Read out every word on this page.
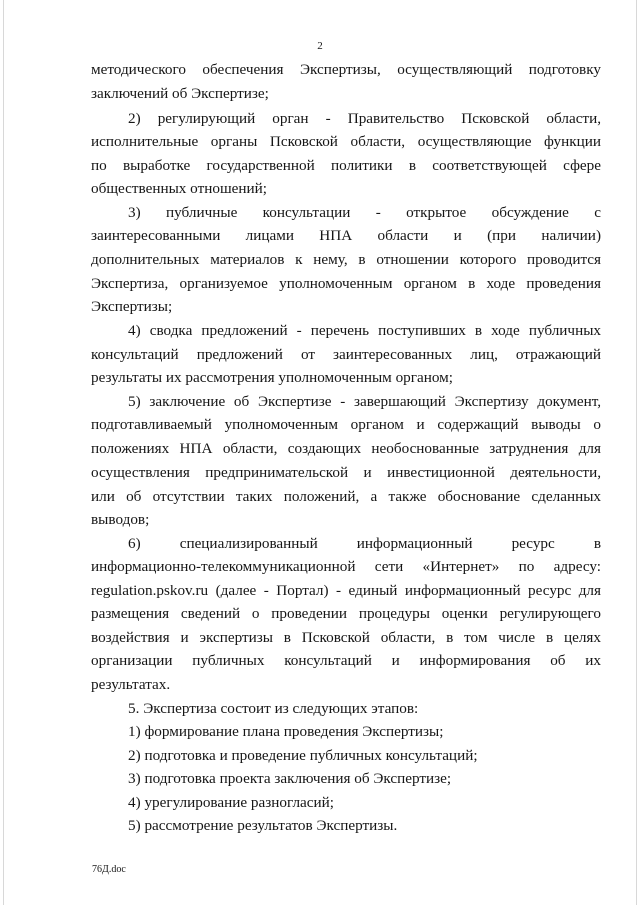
2
методического обеспечения Экспертизы, осуществляющий подготовку
заключений об Экспертизе;
2) регулирующий орган - Правительство Псковской области,
исполнительные органы Псковской области, осуществляющие функции
по выработке государственной политики в соответствующей сфере
общественных отношений;
3) публичные консультации - открытое обсуждение с
заинтересованными лицами НПА области и (при наличии)
дополнительных материалов к нему, в отношении которого проводится
Экспертиза, организуемое уполномоченным органом в ходе проведения
Экспертизы;
4) сводка предложений - перечень поступивших в ходе публичных
консультаций предложений от заинтересованных лиц, отражающий
результаты их рассмотрения уполномоченным органом;
5) заключение об Экспертизе - завершающий Экспертизу документ,
подготавливаемый уполномоченным органом и содержащий выводы о
положениях НПА области, создающих необоснованные затруднения для
осуществления предпринимательской и инвестиционной деятельности,
или об отсутствии таких положений, а также обоснование сделанных
выводов;
6) специализированный информационный ресурс в
информационно-телекоммуникационной сети «Интернет» по адресу:
regulation.pskov.ru (далее - Портал) - единый информационный ресурс для
размещения сведений о проведении процедуры оценки регулирующего
воздействия и экспертизы в Псковской области, в том числе в целях
организации публичных консультаций и информирования об их
результатах.
5. Экспертиза состоит из следующих этапов:
1) формирование плана проведения Экспертизы;
2) подготовка и проведение публичных консультаций;
3) подготовка проекта заключения об Экспертизе;
4) урегулирование разногласий;
5) рассмотрение результатов Экспертизы.
76Д.doc
